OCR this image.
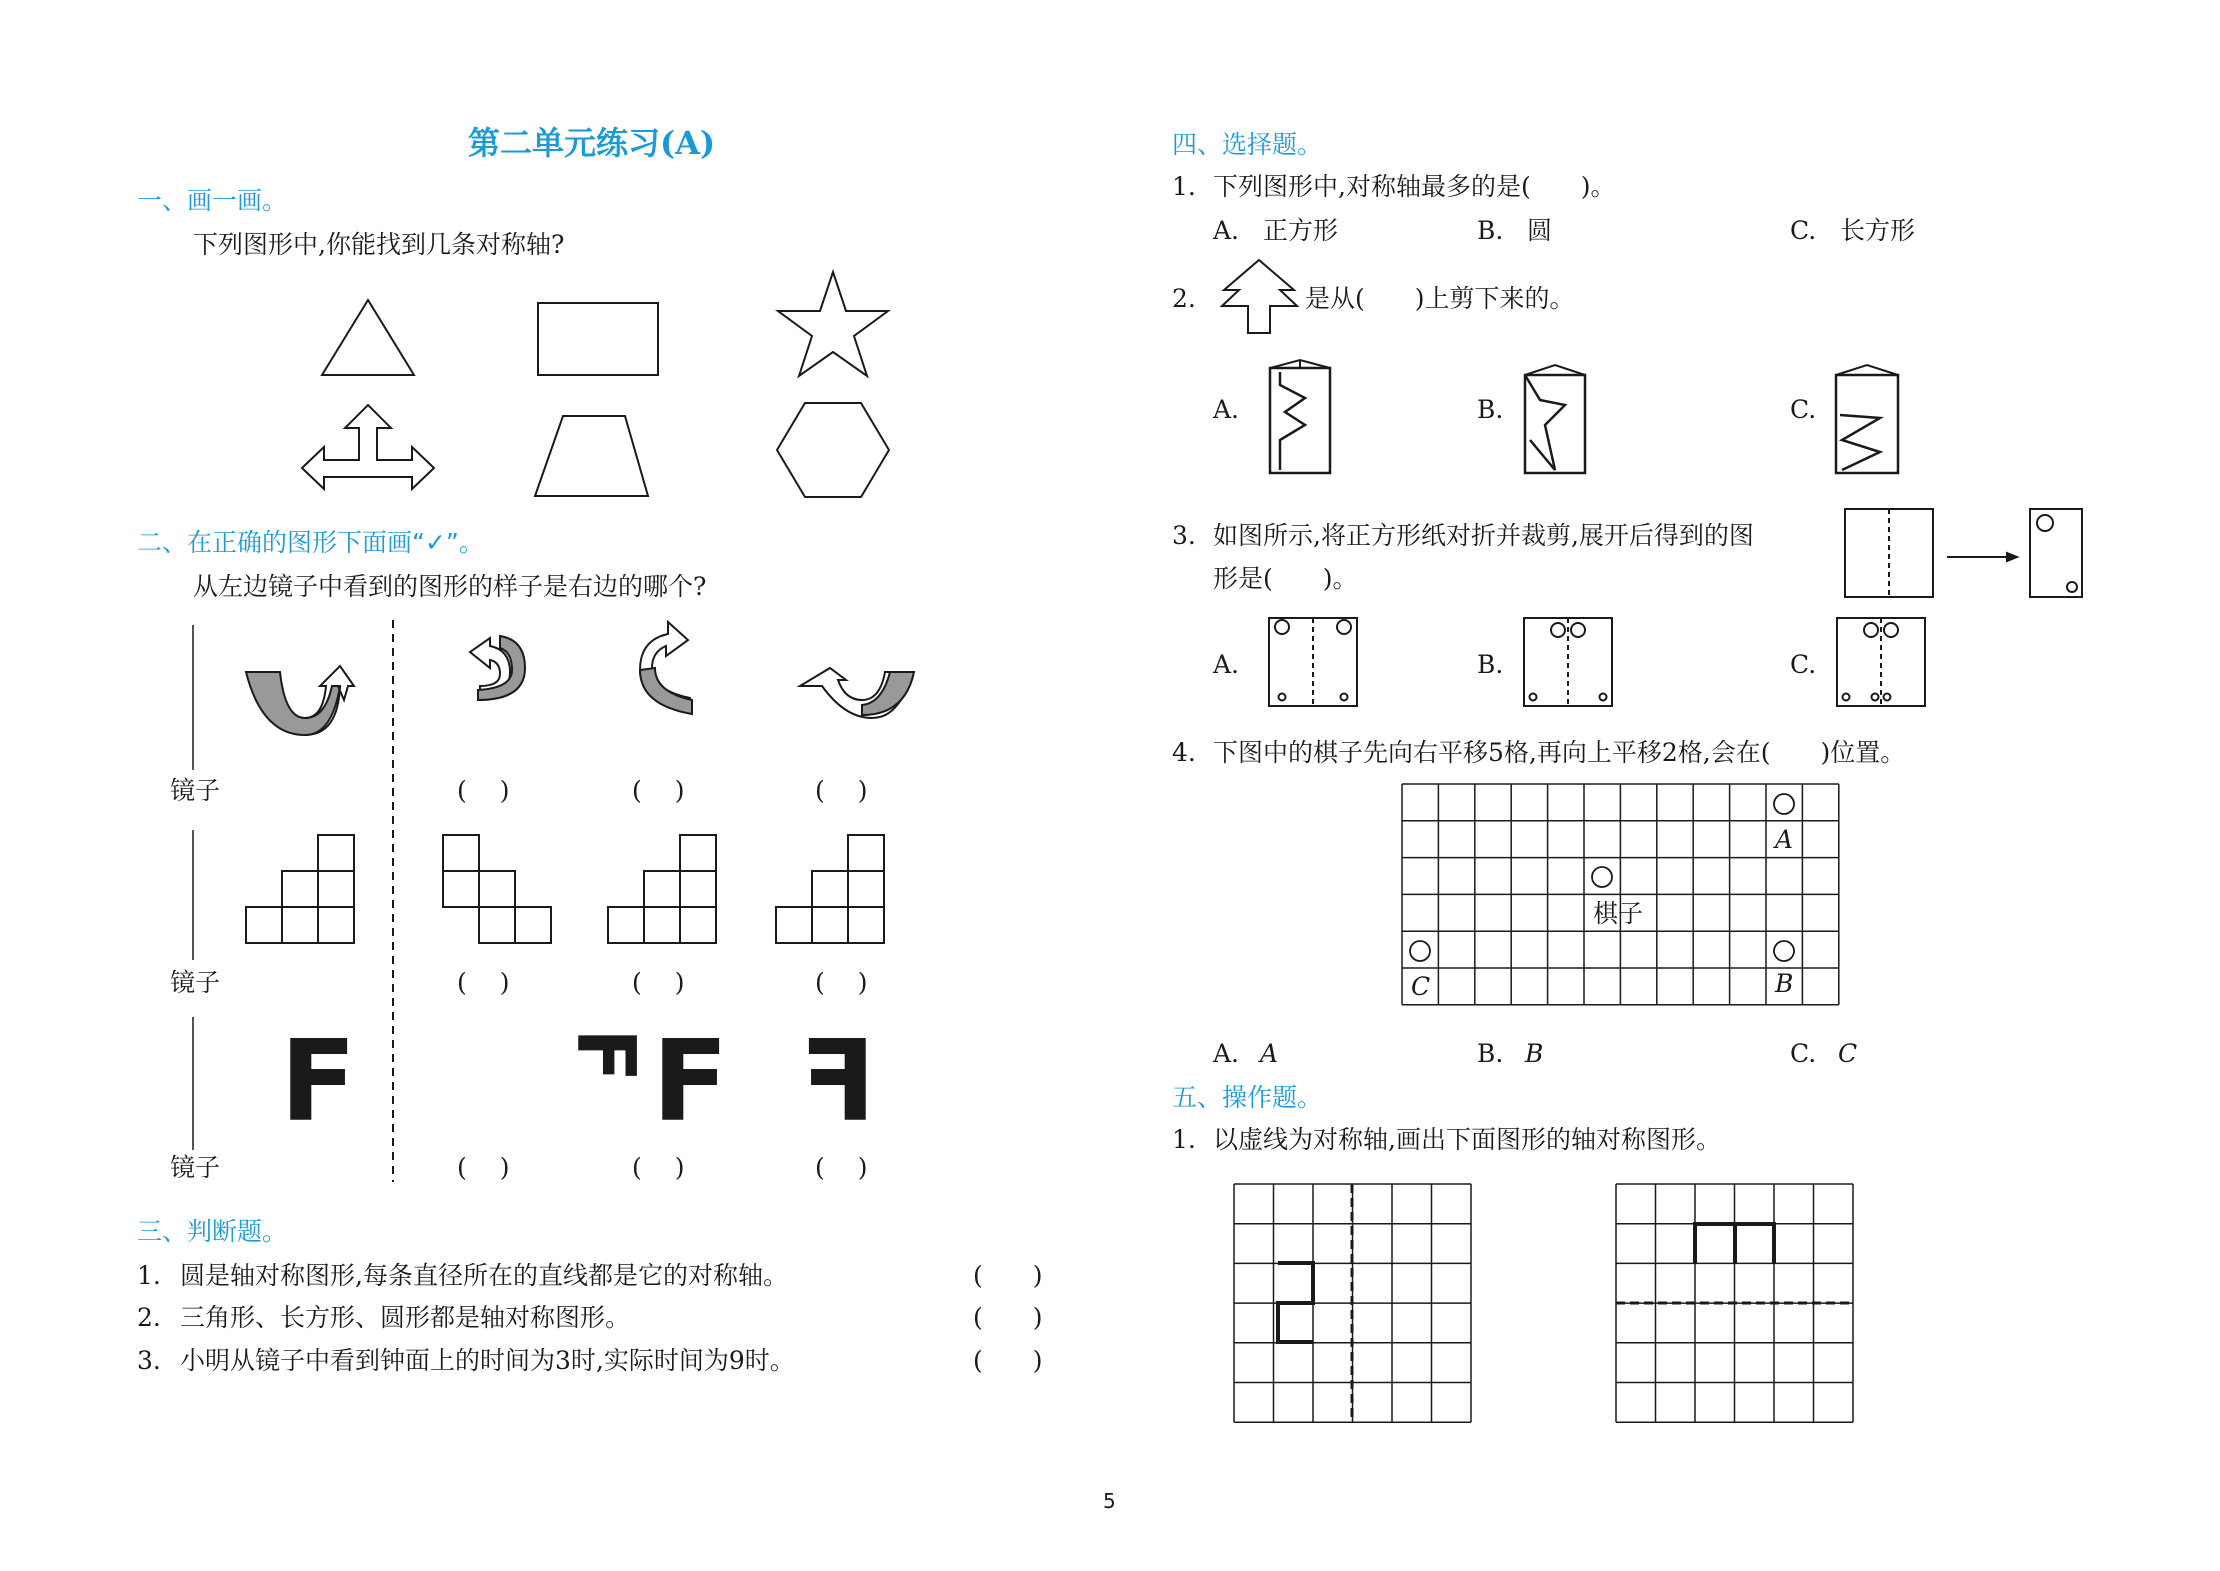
第二单元练习(A)
一、画一画。
下列图形中,你能找到几条对称轴?
二、在正确的图形下面画“✓”。
从左边镜子中看到的图形的样子是右边的哪个?
F	F F F
镜子
镜子
镜子
(　 )	(　 )	(　 )
(　 )	(　 )	(　 )
(　 )	(　 )	(　 )
三、判断题。
1. 圆是轴对称图形,每条直径所在的直线都是它的对称轴。	(　　)
2. 三角形、长方形、圆形都是轴对称图形。	(　　)
3. 小明从镜子中看到钟面上的时间为3时,实际时间为9时。	(　　)
四、选择题。
1. 下列图形中,对称轴最多的是(　　)。
A. 正方形	B. 圆	C. 长方形
2.	是从(　　)上剪下来的。
A.	B.	C.
3. 如图所示,将正方形纸对折并裁剪,展开后得到的图
形是(　　)。
A.	B.	C.
4. 下图中的棋子先向右平移5格,再向上平移2格,会在(　　)位置。
A
棋子
C	B
A. A	B. B	C. C
五、操作题。
1. 以虚线为对称轴,画出下面图形的轴对称图形。
5
